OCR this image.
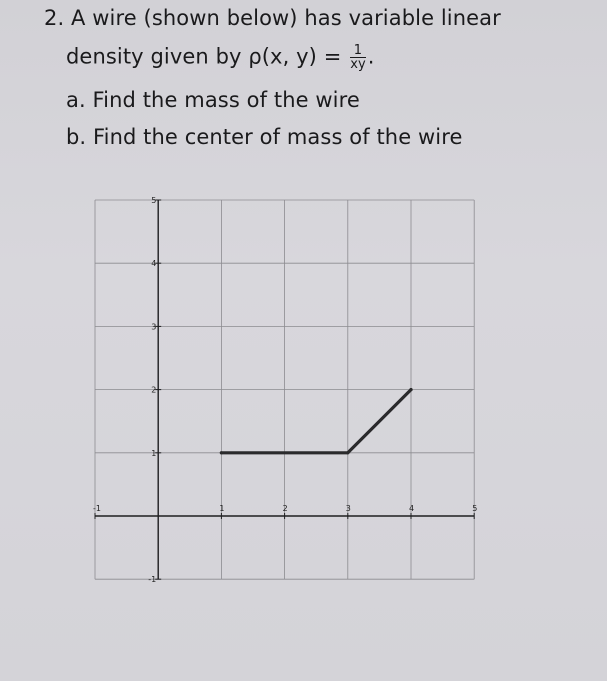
2. A wire (shown below) has variable linear
density given by ρ(x, $y) = \frac{1}{xy}$ .
a. Find the mass of the wire
b. Find the center of mass of the wire
-1	1	2	3	4	5
5
4
3
2
1
-1
